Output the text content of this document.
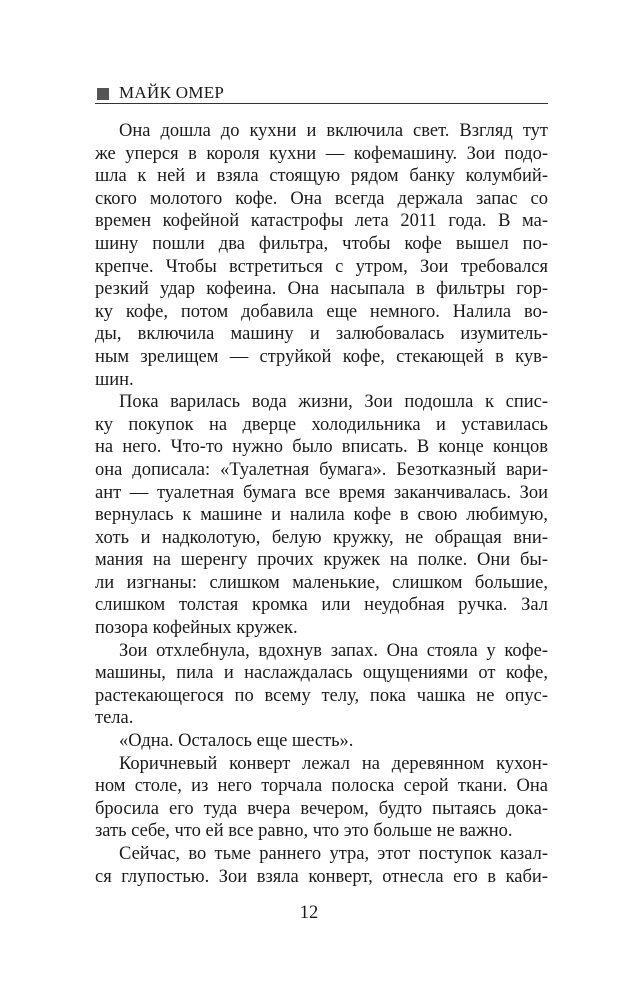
МАЙК ОМЕР
Она дошла до кухни и включила свет. Взгляд тут
же уперся в короля кухни — кофемашину. Зои подо-
шла к ней и взяла стоящую рядом банку колумбий-
ского молотого кофе. Она всегда держала запас со
времен кофейной катастрофы лета 2011 года. В ма-
шину пошли два фильтра, чтобы кофе вышел по-
крепче. Чтобы встретиться с утром, Зои требовался
резкий удар кофеина. Она насыпала в фильтры гор-
ку кофе, потом добавила еще немного. Налила во-
ды, включила машину и залюбовалась изумитель-
ным зрелищем — струйкой кофе, стекающей в кув-
шин.
Пока варилась вода жизни, Зои подошла к спис-
ку покупок на дверце холодильника и уставилась
на него. Что-то нужно было вписать. В конце концов
она дописала: «Туалетная бумага». Безотказный вари-
ант — туалетная бумага все время заканчивалась. Зои
вернулась к машине и налила кофе в свою любимую,
хоть и надколотую, белую кружку, не обращая вни-
мания на шеренгу прочих кружек на полке. Они бы-
ли изгнаны: слишком маленькие, слишком большие,
слишком толстая кромка или неудобная ручка. Зал
позора кофейных кружек.
Зои отхлебнула, вдохнув запах. Она стояла у кофе-
машины, пила и наслаждалась ощущениями от кофе,
растекающегося по всему телу, пока чашка не опус-
тела.
«Одна. Осталось еще шесть».
Коричневый конверт лежал на деревянном кухон-
ном столе, из него торчала полоска серой ткани. Она
бросила его туда вчера вечером, будто пытаясь дока-
зать себе, что ей все равно, что это больше не важно.
Сейчас, во тьме раннего утра, этот поступок казал-
ся глупостью. Зои взяла конверт, отнесла его в каби-
12
